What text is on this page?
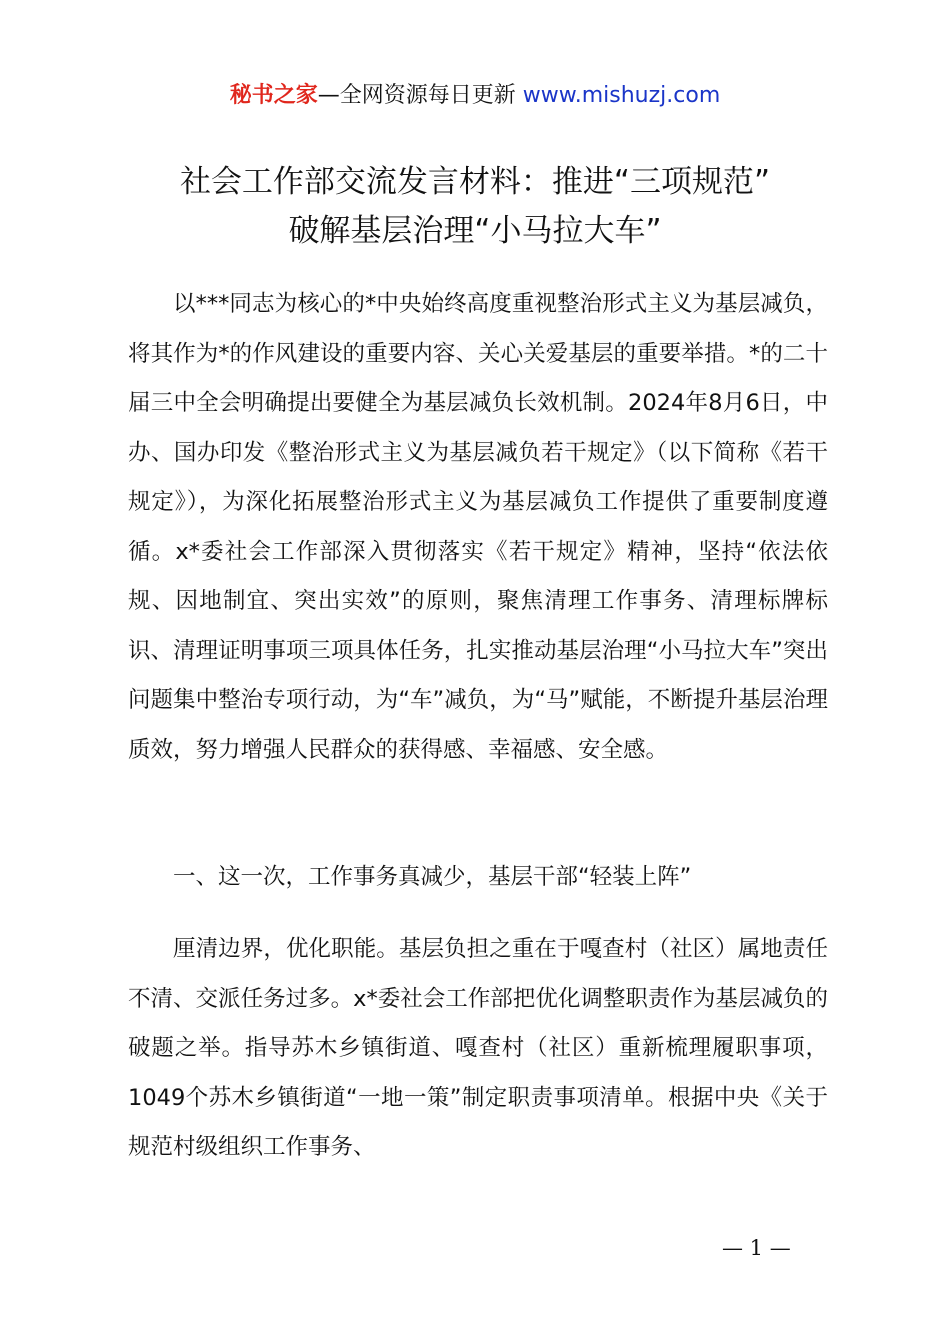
秘书之家—全网资源每日更新 www.mishuzj.com
社会工作部交流发言材料：推进“三项规范”
破解基层治理“小马拉大车”

以***同志为核心的*中央始终高度重视整治形式主义为基层减负，将其作为*的作风建设的重要内容、关心关爱基层的重要举措。*的二十届三中全会明确提出要健全为基层减负长效机制。2024年8月6日，中办、国办印发《整治形式主义为基层减负若干规定》（以下简称《若干规定》），为深化拓展整治形式主义为基层减负工作提供了重要制度遵循。x*委社会工作部深入贯彻落实《若干规定》精神，坚持“依法依规、因地制宜、突出实效”的原则，聚焦清理工作事务、清理标牌标识、清理证明事项三项具体任务，扎实推动基层治理“小马拉大车”突出问题集中整治专项行动，为“车”减负，为“马”赋能，不断提升基层治理质效，努力增强人民群众的获得感、幸福感、安全感。

一、这一次，工作事务真减少，基层干部“轻装上阵”

厘清边界，优化职能。基层负担之重在于嘎查村（社区）属地责任不清、交派任务过多。x*委社会工作部把优化调整职责作为基层减负的破题之举。指导苏木乡镇街道、嘎查村（社区）重新梳理履职事项，1049个苏木乡镇街道“一地一策”制定职责事项清单。根据中央《关于规范村级组织工作事务、

— 1 —
